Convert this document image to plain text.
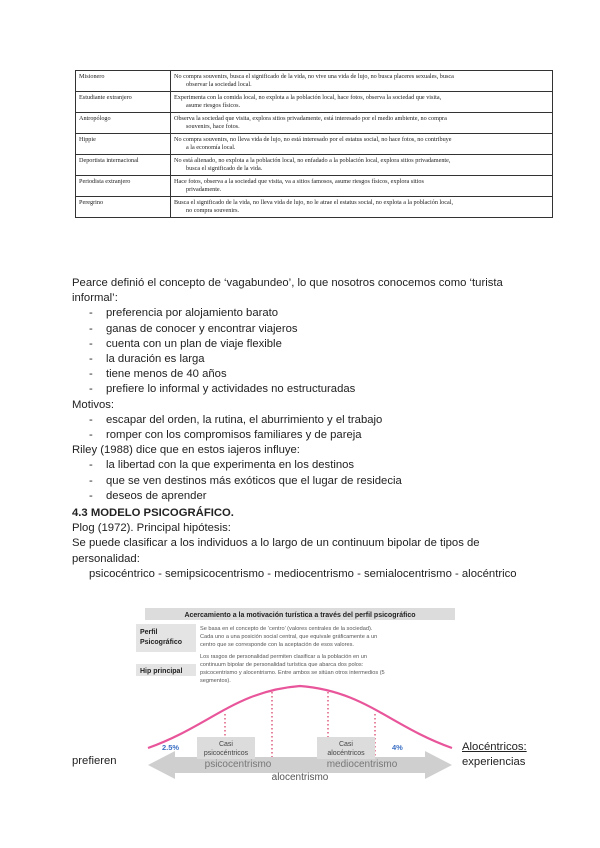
Misionero	No compra souvenirs, busca el significado de la vida, no vive una vida de lujo, no busca placeres sexuales, busca
observar la sociedad local.

Estudiante extranjero	Experimenta con la comida local, no explota a la población local, hace fotos, observa la sociedad que visita,
asume riesgos físicos.

Antropólogo	Observa la sociedad que visita, explora sitios privadamente, está interesado por el medio ambiente, no compra
souvenirs, hace fotos.

Hippie	No compra souvenirs, no lleva vida de lujo, no está interesado por el estatus social, no hace fotos, no contribuye
a la economía local.

Deportista internacional	No está alienado, no explota a la población local, no enfadado a la población local, explora sitios privadamente,
busca el significado de la vida.

Periodista extranjero	Hace fotos, observa a la sociedad que visita, va a sitios famosos, asume riesgos físicos, explora sitios
privadamente.

Peregrino	Busca el significado de la vida, no lleva vida de lujo, no le atrae el estatus social, no explota a la población local,
no compra souvenirs.
Pearce definió el concepto de ‘vagabundeo’, lo que nosotros conocemos como ‘turista
informal’:
- preferencia por alojamiento barato
- ganas de conocer y encontrar viajeros
- cuenta con un plan de viaje flexible
- la duración es larga
- tiene menos de 40 años
- prefiere lo informal y actividades no estructuradas
Motivos:
- escapar del orden, la rutina, el aburrimiento y el trabajo
- romper con los compromisos familiares y de pareja
Riley (1988) dice que en estos iajeros influye:
- la libertad con la que experimenta en los destinos
- que se ven destinos más exóticos que el lugar de residecia
- deseos de aprender
4.3 MODELO PSICOGRÁFICO.
Plog (1972). Principal hipótesis:
Se puede clasificar a los individuos a lo largo de un continuum bipolar de tipos de
personalidad:
psicocéntrico - semipsicocentrismo - mediocentrismo - semialocentrismo - alocéntrico
Acercamiento a la motivación turística a través del perfil psicográfico
Perfil
Psicográfico
Se basa en el concepto de ‘centro’ (valores centrales de la sociedad).
Cada uno a una posición social central, que equivale gráficamente a un
centro que se corresponde con la aceptación de esos valores.
Hip principal
Los rasgos de personalidad permiten clasificar a la población en un
continuum bipolar de personalidad turística que abarca dos polos:
psicocentrismo y alocentrismo. Entre ambos se sitúan otros intermedios (5
segmentos).
2.5%	4%
Casi
psicocéntricos
Casi
alocéntricos
psicocentrismo	mediocentrismo
alocentrismo
prefieren
Alocéntricos:
experiencias
